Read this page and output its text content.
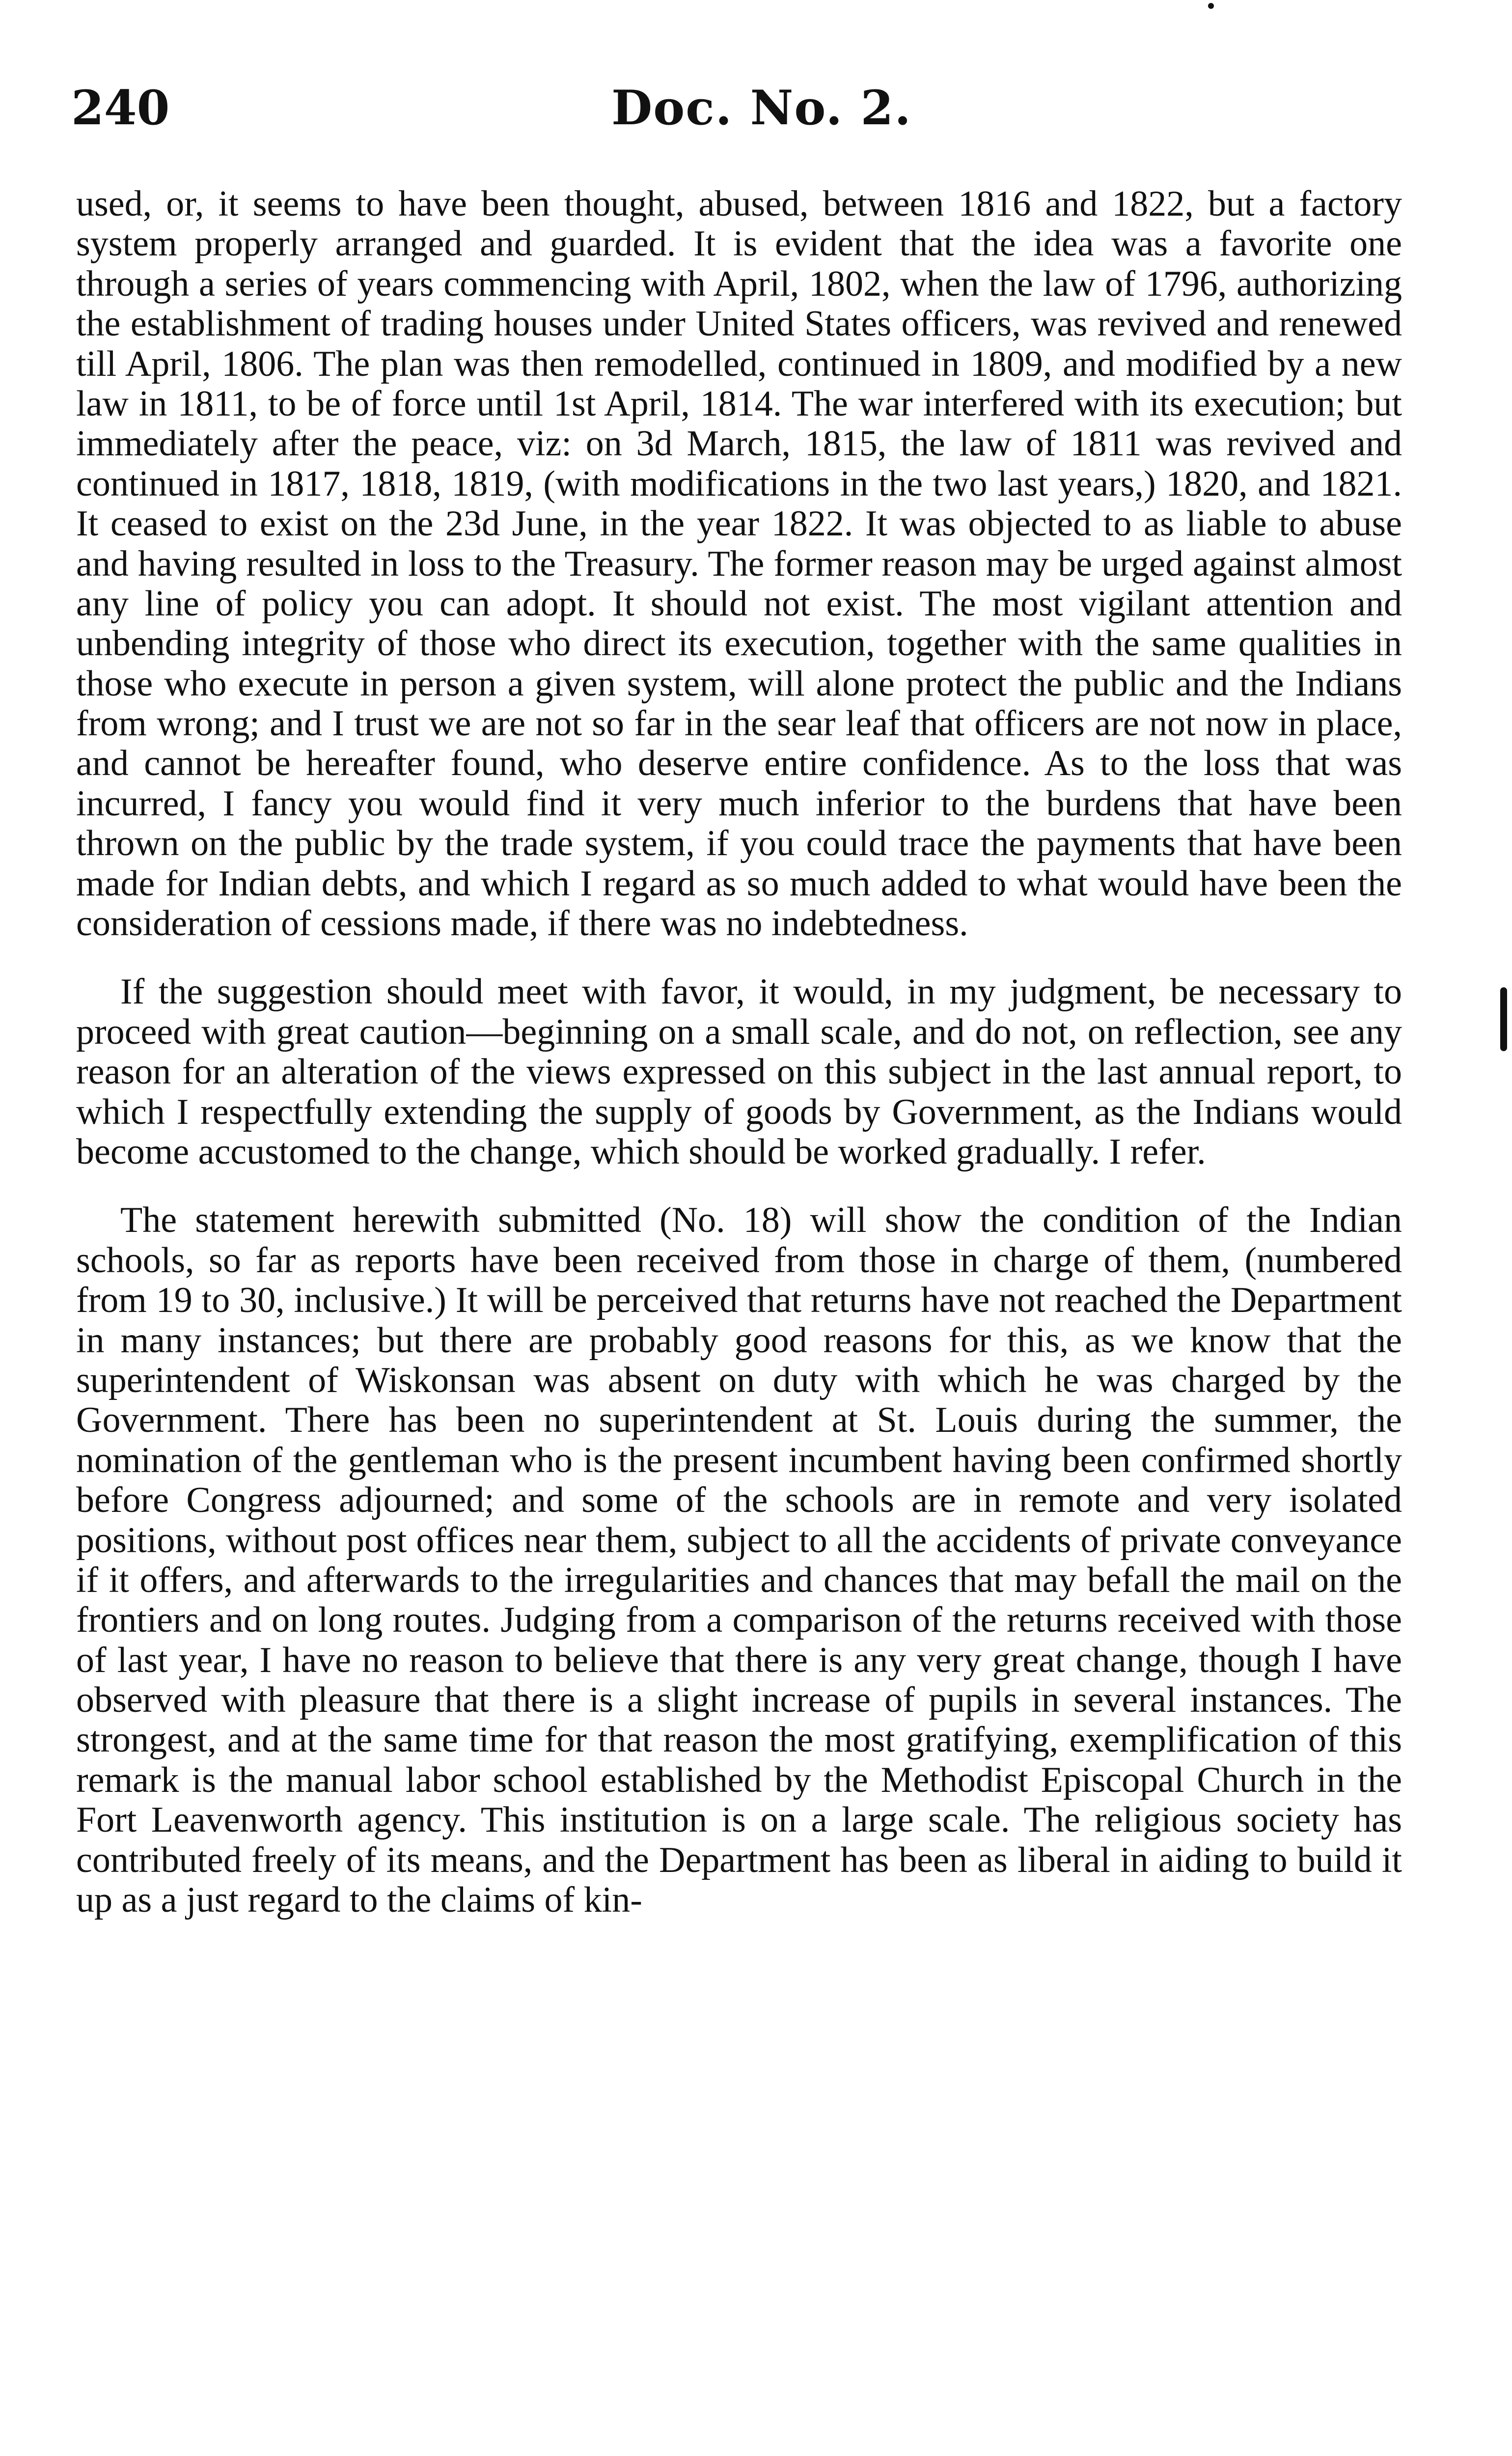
240	Doc. No. 2.

used, or, it seems to have been thought, abused, between 1816 and 1822, but a factory system properly arranged and guarded. It is evident that the idea was a favorite one through a series of years commencing with April, 1802, when the law of 1796, authorizing the establishment of trading houses under United States officers, was revived and renewed till April, 1806. The plan was then remodelled, continued in 1809, and modified by a new law in 1811, to be of force until 1st April, 1814. The war interfered with its execution; but immediately after the peace, viz: on 3d March, 1815, the law of 1811 was revived and continued in 1817, 1818, 1819, (with modifications in the two last years,) 1820, and 1821. It ceased to exist on the 23d June, in the year 1822. It was objected to as liable to abuse and having resulted in loss to the Treasury. The former reason may be urged against almost any line of policy you can adopt. It should not exist. The most vigilant attention and unbending integrity of those who direct its execution, together with the same qualities in those who execute in person a given system, will alone protect the public and the Indians from wrong; and I trust we are not so far in the sear leaf that officers are not now in place, and cannot be hereafter found, who deserve entire confidence. As to the loss that was incurred, I fancy you would find it very much inferior to the burdens that have been thrown on the public by the trade system, if you could trace the payments that have been made for Indian debts, and which I regard as so much added to what would have been the consideration of cessions made, if there was no indebtedness.

If the suggestion should meet with favor, it would, in my judgment, be necessary to proceed with great caution—beginning on a small scale, and do not, on reflection, see any reason for an alteration of the views expressed on this subject in the last annual report, to which I respectfully extending the supply of goods by Government, as the Indians would become accustomed to the change, which should be worked gradually. I refer.

The statement herewith submitted (No. 18) will show the condition of the Indian schools, so far as reports have been received from those in charge of them, (numbered from 19 to 30, inclusive.) It will be perceived that returns have not reached the Department in many instances; but there are probably good reasons for this, as we know that the superintendent of Wiskonsan was absent on duty with which he was charged by the Government. There has been no superintendent at St. Louis during the summer, the nomination of the gentleman who is the present incumbent having been confirmed shortly before Congress adjourned; and some of the schools are in remote and very isolated positions, without post offices near them, subject to all the accidents of private conveyance if it offers, and afterwards to the irregularities and chances that may befall the mail on the frontiers and on long routes. Judging from a comparison of the returns received with those of last year, I have no reason to believe that there is any very great change, though I have observed with pleasure that there is a slight increase of pupils in several instances. The strongest, and at the same time for that reason the most gratifying, exemplification of this remark is the manual labor school established by the Methodist Episcopal Church in the Fort Leavenworth agency. This institution is on a large scale. The religious society has contributed freely of its means, and the Department has been as liberal in aiding to build it up as a just regard to the claims of kin-
